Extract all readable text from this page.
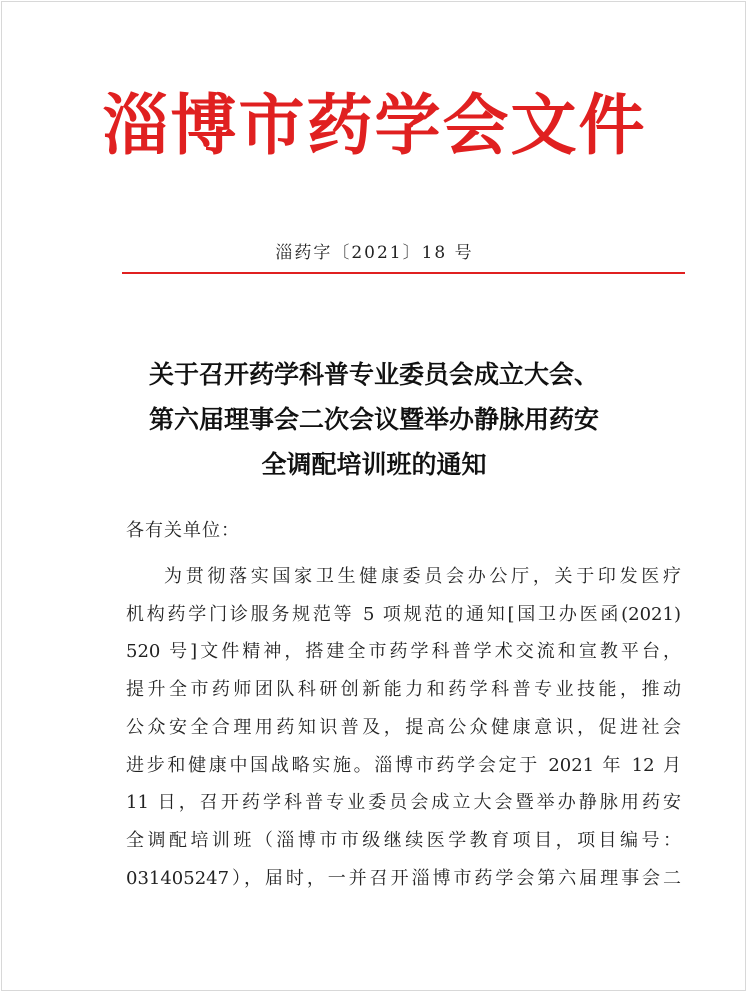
淄博市药学会文件
淄药字〔2021〕18 号
关于召开药学科普专业委员会成立大会、
第六届理事会二次会议暨举办静脉用药安
全调配培训班的通知
各有关单位：
为贯彻落实国家卫生健康委员会办公厅，关于印发医疗
机构药学门诊服务规范等 5 项规范的通知[国卫办医函(2021)
520 号]文件精神，搭建全市药学科普学术交流和宣教平台，
提升全市药师团队科研创新能力和药学科普专业技能，推动
公众安全合理用药知识普及，提高公众健康意识，促进社会
进步和健康中国战略实施。淄博市药学会定于 2021 年 12 月
11 日，召开药学科普专业委员会成立大会暨举办静脉用药安
全调配培训班（淄博市市级继续医学教育项目，项目编号：
031405247），届时，一并召开淄博市药学会第六届理事会二
